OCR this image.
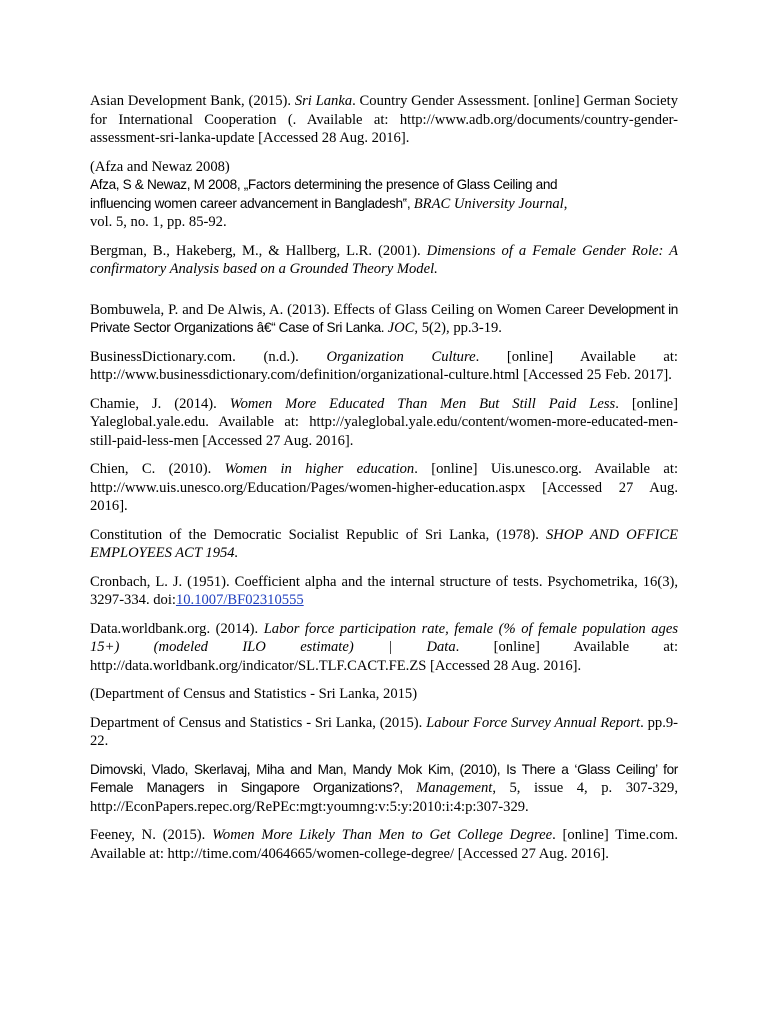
Asian Development Bank, (2015). Sri Lanka. Country Gender Assessment. [online] German Society for International Cooperation (. Available at: http://www.adb.org/documents/country-gender-assessment-sri-lanka-update [Accessed 28 Aug. 2016].

(Afza and Newaz 2008)
Afza, S & Newaz, M 2008, „Factors determining the presence of Glass Ceiling and
influencing women career advancement in Bangladesh‟, BRAC University Journal,
vol. 5, no. 1, pp. 85-92.

Bergman, B., Hakeberg, M., & Hallberg, L.R. (2001). Dimensions of a Female Gender Role: A confirmatory Analysis based on a Grounded Theory Model.

Bombuwela, P. and De Alwis, A. (2013). Effects of Glass Ceiling on Women Career Development in Private Sector Organizations â€“ Case of Sri Lanka. JOC, 5(2), pp.3-19.

BusinessDictionary.com. (n.d.). Organization Culture. [online] Available at: http://www.businessdictionary.com/definition/organizational-culture.html [Accessed 25 Feb. 2017].

Chamie, J. (2014). Women More Educated Than Men But Still Paid Less. [online] Yaleglobal.yale.edu. Available at: http://yaleglobal.yale.edu/content/women-more-educated-men-still-paid-less-men [Accessed 27 Aug. 2016].

Chien, C. (2010). Women in higher education. [online] Uis.unesco.org. Available at: http://www.uis.unesco.org/Education/Pages/women-higher-education.aspx [Accessed 27 Aug. 2016].

Constitution of the Democratic Socialist Republic of Sri Lanka, (1978). SHOP AND OFFICE EMPLOYEES ACT 1954.

Cronbach, L. J. (1951). Coefficient alpha and the internal structure of tests. Psychometrika, 16(3), 3297-334. doi:10.1007/BF02310555

Data.worldbank.org. (2014). Labor force participation rate, female (% of female population ages 15+) (modeled ILO estimate) | Data. [online] Available at: http://data.worldbank.org/indicator/SL.TLF.CACT.FE.ZS [Accessed 28 Aug. 2016].

(Department of Census and Statistics - Sri Lanka, 2015)

Department of Census and Statistics - Sri Lanka, (2015). Labour Force Survey Annual Report. pp.9-22.

Dimovski, Vlado, Skerlavaj, Miha and Man, Mandy Mok Kim, (2010), Is There a ‘Glass Ceiling’ for Female Managers in Singapore Organizations?, Management, 5, issue 4, p. 307-329, http://EconPapers.repec.org/RePEc:mgt:youmng:v:5:y:2010:i:4:p:307-329.

Feeney, N. (2015). Women More Likely Than Men to Get College Degree. [online] Time.com. Available at: http://time.com/4064665/women-college-degree/ [Accessed 27 Aug. 2016].
